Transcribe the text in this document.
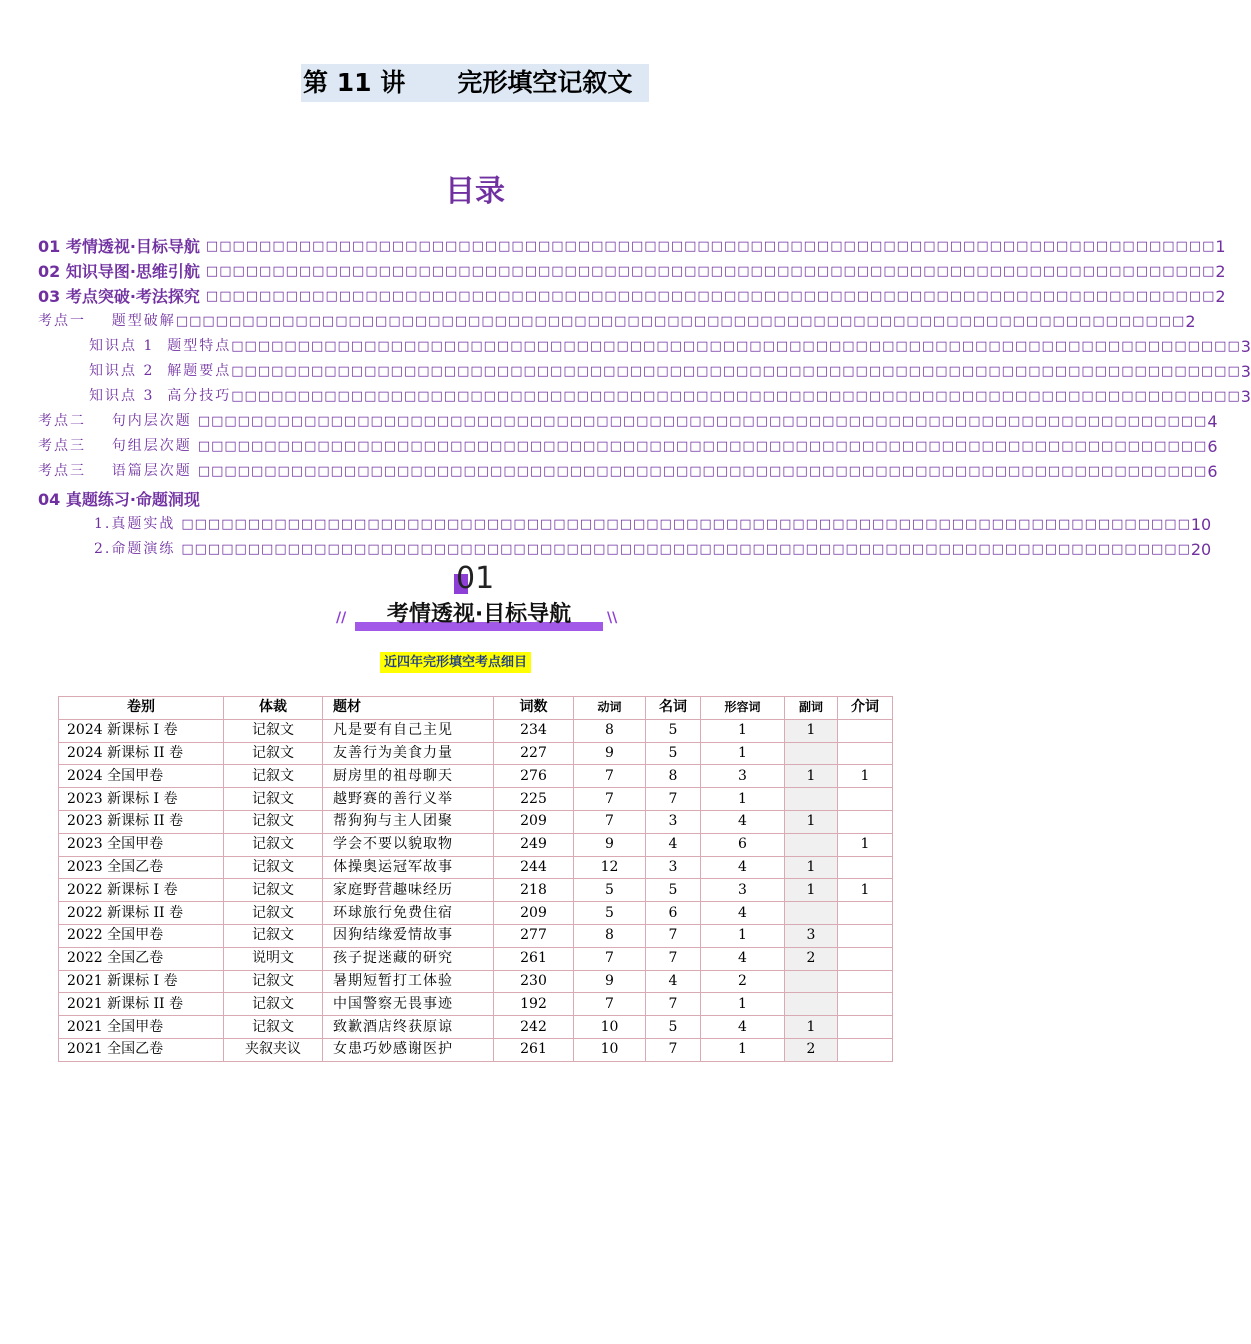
第 11 讲      完形填空记叙文
目录
01 考情透视·目标导航 □□□□□□□□□□□□□□□□□□□□□□□□□□□□□□□□□□□□□□□□□□□□□□□□□□□□□□□□□□□□□□□□□□□□□□□□□□□□ 1
02 知识导图·思维引航 □□□□□□□□□□□□□□□□□□□□□□□□□□□□□□□□□□□□□□□□□□□□□□□□□□□□□□□□□□□□□□□□□□□□□□□□□□□□ 2
03 考点突破·考法探究 □□□□□□□□□□□□□□□□□□□□□□□□□□□□□□□□□□□□□□□□□□□□□□□□□□□□□□□□□□□□□□□□□□□□□□□□□□□□ 2
考点一    题型破解 □□□□□□□□□□□□□□□□□□□□□□□□□□□□□□□□□□□□□□□□□□□□□□□□□□□□□□□□□□□□□□□□□□□□□□□□□□□□ 2
知识点 1  题型特点 □□□□□□□□□□□□□□□□□□□□□□□□□□□□□□□□□□□□□□□□□□□□□□□□□□□□□□□□□□□□□□□□□□□□□□□□□□□□ 3
知识点 2  解题要点 □□□□□□□□□□□□□□□□□□□□□□□□□□□□□□□□□□□□□□□□□□□□□□□□□□□□□□□□□□□□□□□□□□□□□□□□□□□□ 3
知识点 3  高分技巧 □□□□□□□□□□□□□□□□□□□□□□□□□□□□□□□□□□□□□□□□□□□□□□□□□□□□□□□□□□□□□□□□□□□□□□□□□□□□ 3
考点二    句内层次题 □□□□□□□□□□□□□□□□□□□□□□□□□□□□□□□□□□□□□□□□□□□□□□□□□□□□□□□□□□□□□□□□□□□□□□□□□□□□ 4
考点三    句组层次题 □□□□□□□□□□□□□□□□□□□□□□□□□□□□□□□□□□□□□□□□□□□□□□□□□□□□□□□□□□□□□□□□□□□□□□□□□□□□ 6
考点三    语篇层次题 □□□□□□□□□□□□□□□□□□□□□□□□□□□□□□□□□□□□□□□□□□□□□□□□□□□□□□□□□□□□□□□□□□□□□□□□□□□□ 6
04 真题练习·命题洞现
1.真题实战 □□□□□□□□□□□□□□□□□□□□□□□□□□□□□□□□□□□□□□□□□□□□□□□□□□□□□□□□□□□□□□□□□□□□□□□□□□□□ 10
2.命题演练 □□□□□□□□□□□□□□□□□□□□□□□□□□□□□□□□□□□□□□□□□□□□□□□□□□□□□□□□□□□□□□□□□□□□□□□□□□□□ 20
01
//	\\
考情透视·目标导航
近四年完形填空考点细目
卷别	体裁	题材	词数	动词	名词	形容词	副词	介词
2024 新课标 I 卷	记叙文	凡是要有自己主见	234	8	5	1	1	
2024 新课标 II 卷	记叙文	友善行为美食力量	227	9	5	1		
2024 全国甲卷	记叙文	厨房里的祖母聊天	276	7	8	3	1	1
2023 新课标 I 卷	记叙文	越野赛的善行义举	225	7	7	1		
2023 新课标 II 卷	记叙文	帮狗狗与主人团聚	209	7	3	4	1	
2023 全国甲卷	记叙文	学会不要以貌取物	249	9	4	6		1
2023 全国乙卷	记叙文	体操奥运冠军故事	244	12	3	4	1	
2022 新课标 I 卷	记叙文	家庭野营趣味经历	218	5	5	3	1	1
2022 新课标 II 卷	记叙文	环球旅行免费住宿	209	5	6	4		
2022 全国甲卷	记叙文	因狗结缘爱情故事	277	8	7	1	3	
2022 全国乙卷	说明文	孩子捉迷藏的研究	261	7	7	4	2	
2021 新课标 I 卷	记叙文	暑期短暂打工体验	230	9	4	2		
2021 新课标 II 卷	记叙文	中国警察无畏事迹	192	7	7	1		
2021 全国甲卷	记叙文	致歉酒店终获原谅	242	10	5	4	1	
2021 全国乙卷	夹叙夹议	女患巧妙感谢医护	261	10	7	1	2	
